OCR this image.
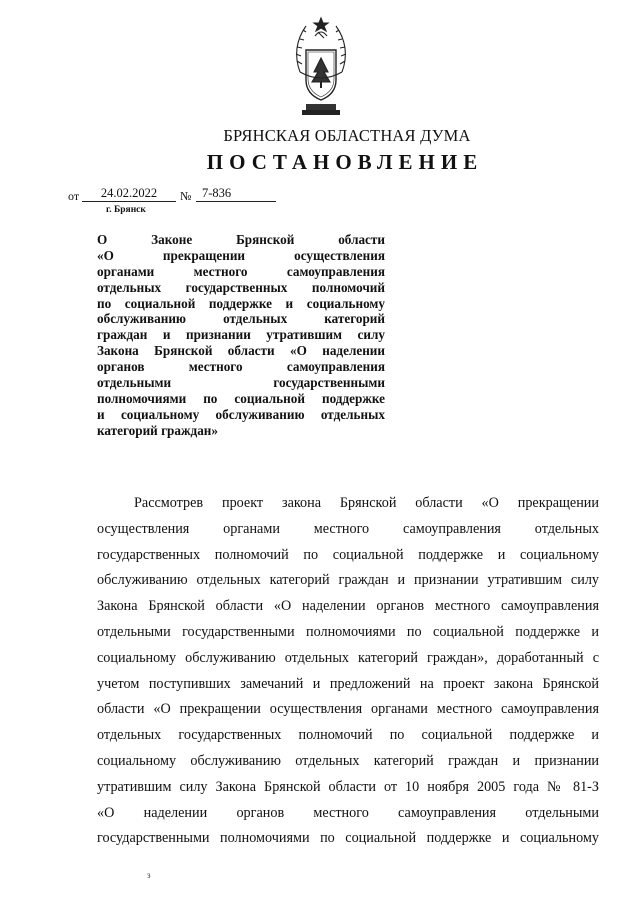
БРЯНСКАЯ ОБЛАСТНАЯ ДУМА
ПОСТАНОВЛЕНИЕ
от	24.02.2022	№ 7-836
г. Брянск
О Законе Брянской области
«О прекращении осуществления
органами местного самоуправления
отдельных государственных полномочий
по социальной поддержке и социальному
обслуживанию отдельных категорий
граждан и признании утратившим силу
Закона Брянской области «О наделении
органов местного самоуправления
отдельными государственными
полномочиями по социальной поддержке
и социальному обслуживанию отдельных
категорий граждан»
Рассмотрев проект закона Брянской области «О прекращении
осуществления органами местного самоуправления отдельных
государственных полномочий по социальной поддержке и социальному
обслуживанию отдельных категорий граждан и признании утратившим силу
Закона Брянской области «О наделении органов местного самоуправления
отдельными государственными полномочиями по социальной поддержке и
социальному обслуживанию отдельных категорий граждан», доработанный с
учетом поступивших замечаний и предложений на проект закона Брянской
области «О прекращении осуществления органами местного самоуправления
отдельных государственных полномочий по социальной поддержке и
социальному обслуживанию отдельных категорий граждан и признании
утратившим силу Закона Брянской области от 10 ноября 2005 года № 81-З
«О наделении органов местного самоуправления отдельными
государственными полномочиями по социальной поддержке и социальному
з
